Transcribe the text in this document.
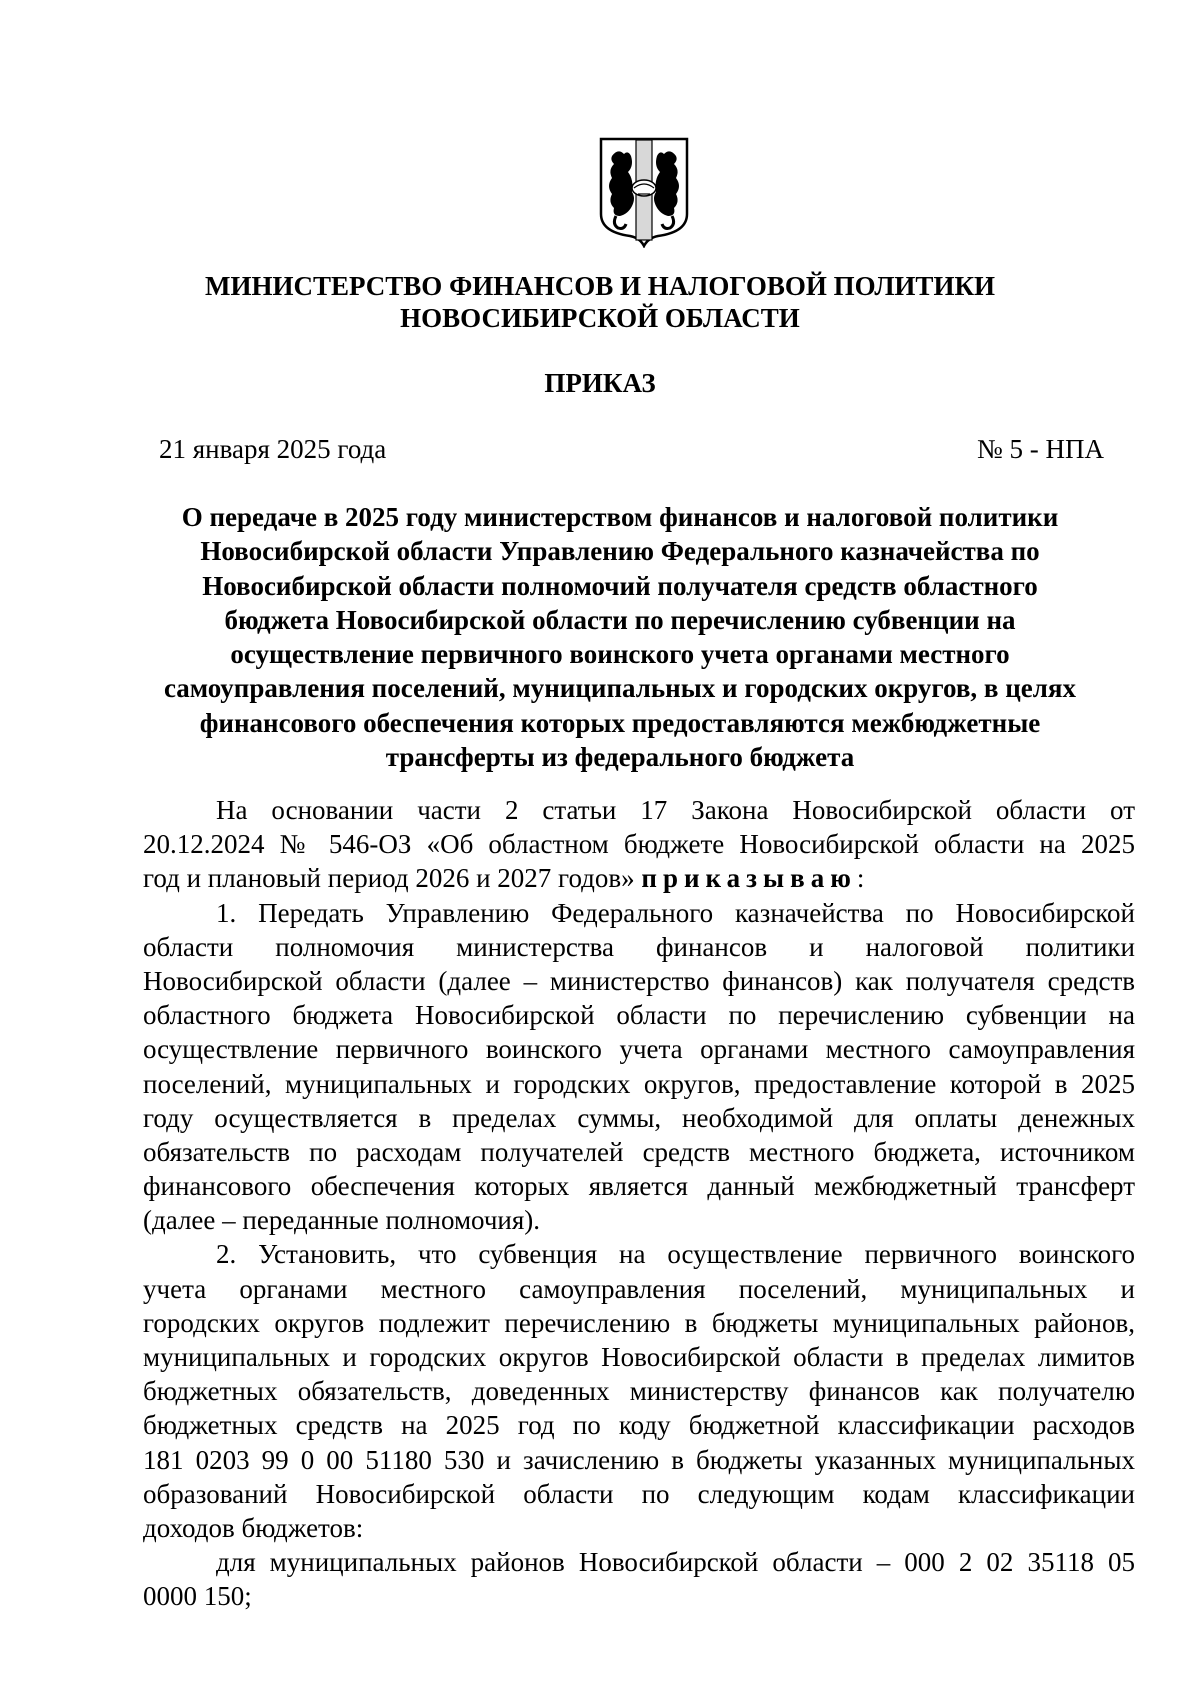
МИНИСТЕРСТВО ФИНАНСОВ И НАЛОГОВОЙ ПОЛИТИКИ
НОВОСИБИРСКОЙ ОБЛАСТИ
ПРИКАЗ
21 января 2025 года	№ 5 - НПА
О передаче в 2025 году министерством финансов и налоговой политики
Новосибирской области Управлению Федерального казначейства по
Новосибирской области полномочий получателя средств областного
бюджета Новосибирской области по перечислению субвенции на
осуществление первичного воинского учета органами местного
самоуправления поселений, муниципальных и городских округов, в целях
финансового обеспечения которых предоставляются межбюджетные
трансферты из федерального бюджета
На основании части 2 статьи 17 Закона Новосибирской области от
20.12.2024 № 546-ОЗ «Об областном бюджете Новосибирской области на 2025
год и плановый период 2026 и 2027 годов» приказываю:
1. Передать Управлению Федерального казначейства по Новосибирской
области полномочия министерства финансов и налоговой политики
Новосибирской области (далее – министерство финансов) как получателя средств
областного бюджета Новосибирской области по перечислению субвенции на
осуществление первичного воинского учета органами местного самоуправления
поселений, муниципальных и городских округов, предоставление которой в 2025
году осуществляется в пределах суммы, необходимой для оплаты денежных
обязательств по расходам получателей средств местного бюджета, источником
финансового обеспечения которых является данный межбюджетный трансферт
(далее – переданные полномочия).
2. Установить, что субвенция на осуществление первичного воинского
учета органами местного самоуправления поселений, муниципальных и
городских округов подлежит перечислению в бюджеты муниципальных районов,
муниципальных и городских округов Новосибирской области в пределах лимитов
бюджетных обязательств, доведенных министерству финансов как получателю
бюджетных средств на 2025 год по коду бюджетной классификации расходов
181 0203 99 0 00 51180 530 и зачислению в бюджеты указанных муниципальных
образований Новосибирской области по следующим кодам классификации
доходов бюджетов:
для муниципальных районов Новосибирской области – 000 2 02 35118 05
0000 150;
